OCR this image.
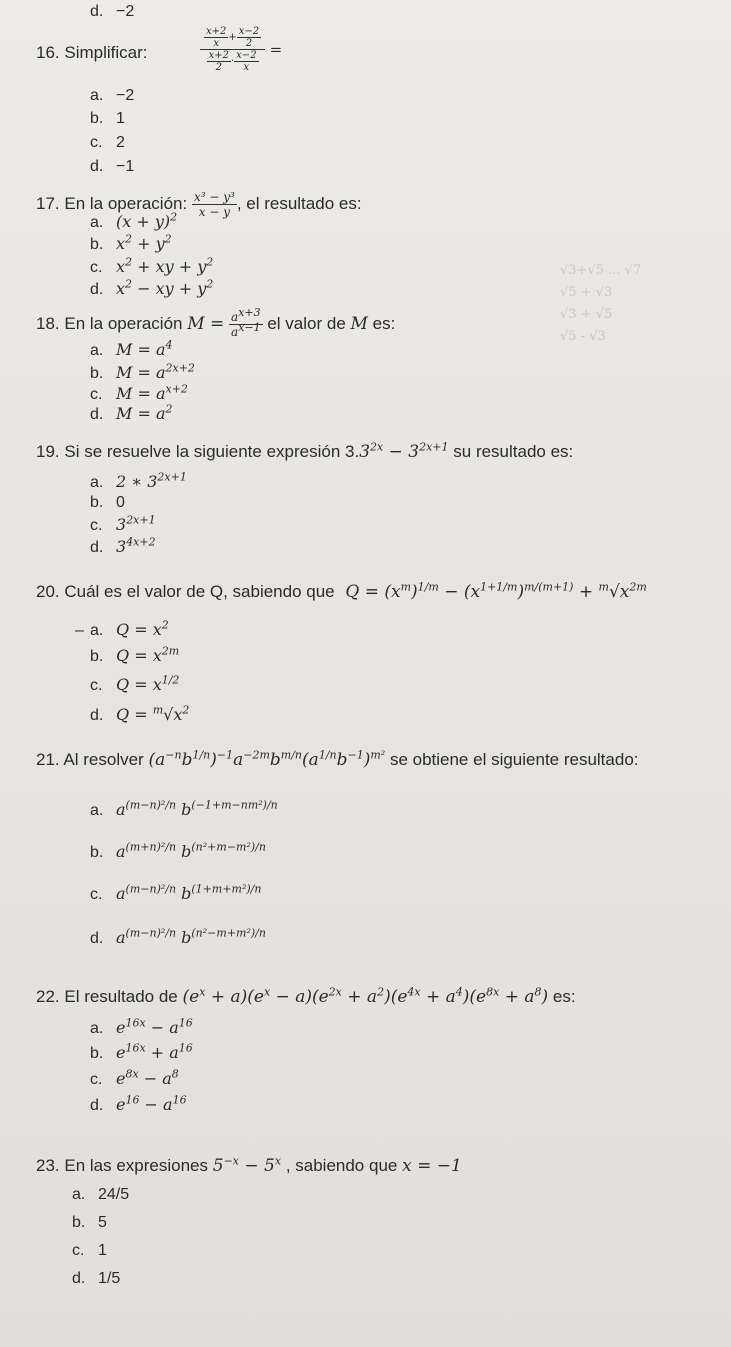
√3+√5 ... √7
√5 + √3
√3 + √5
√5 - √3
d. −2
16. Simplificar:	$\frac{\frac{x+2}{x} + \frac{x-2}{2}}{\frac{x+2}{2} \cdot \frac{x-2}{x}}$ =
a. −2
b. 1
c. 2
d. −1
17. En la operación: $\frac{\text{x³ − y³}}{x - y}$ , el resultado es:
a. $(x + y)^2$
b. $x^2 + y^2$
c. $x^2$ + xy + $y^2$
d. $x^2$ − xy + $y^2$
18. En la operación $M = \frac{a^{x+3}}{a^{x-1}}$ el valor de M es:
a. $M = a^4$
b. $M = a^{2x+2}$
c. $M = a^{x+2}$
d. $M = a^2$
19. Si se resuelve la siguiente expresión $3.3^{2x} - 3^{2x+1}$ su resultado es:
a. 2 ∗ $3^{2x+1}$
b. 0
c. $3^{2x+1}$
d. $3^{4x+2}$
20. Cuál es el valor de Q, sabiendo que $Q = (x^m)^{1/m} - (x^{1+1/m})^{m/(m+1)} + ^m√x^{2m}$
– a. $Q = x^2$
b. $Q = x^{2m}$
c. $Q = x^{1/2}$
d. $Q = ^m√x^2$
21. Al resolver $(a^{-n}b^{1/n})^{-1}a^{-2m}b^{m/n}(a^{1/n}b^{-1})^{m^2}$ se obtiene el siguiente resultado:
a. $a^{(m-n)^2/n}$ $b^{(-1+m-nm^2)/n}$
b. $a^{(m+n)^2/n}$ $b^{(n^2+m-m^2)/n}$
c. $a^{(m-n)^2/n}$ $b^{(1+m+m^2)/n}$
d. $a^{(m-n)^2/n}$ $b^{(n^2-m+m^2)/n}$
22. El resultado de $(e^x + a)(e^x - a)(e^{2x} + a^2)(e^{4x} + a^4)(e^{8x} + a^8)$ es:
a. $e^{16x} - a^{16}$
b. $e^{16x} + a^{16}$
c. $e^{8x} - a^8$
d. $e^{16} - a^{16}$
23. En las expresiones $5^{-x} - 5^x$ , sabiendo que x = −1
a. 24/5
b. 5
c. 1
d. 1/5
